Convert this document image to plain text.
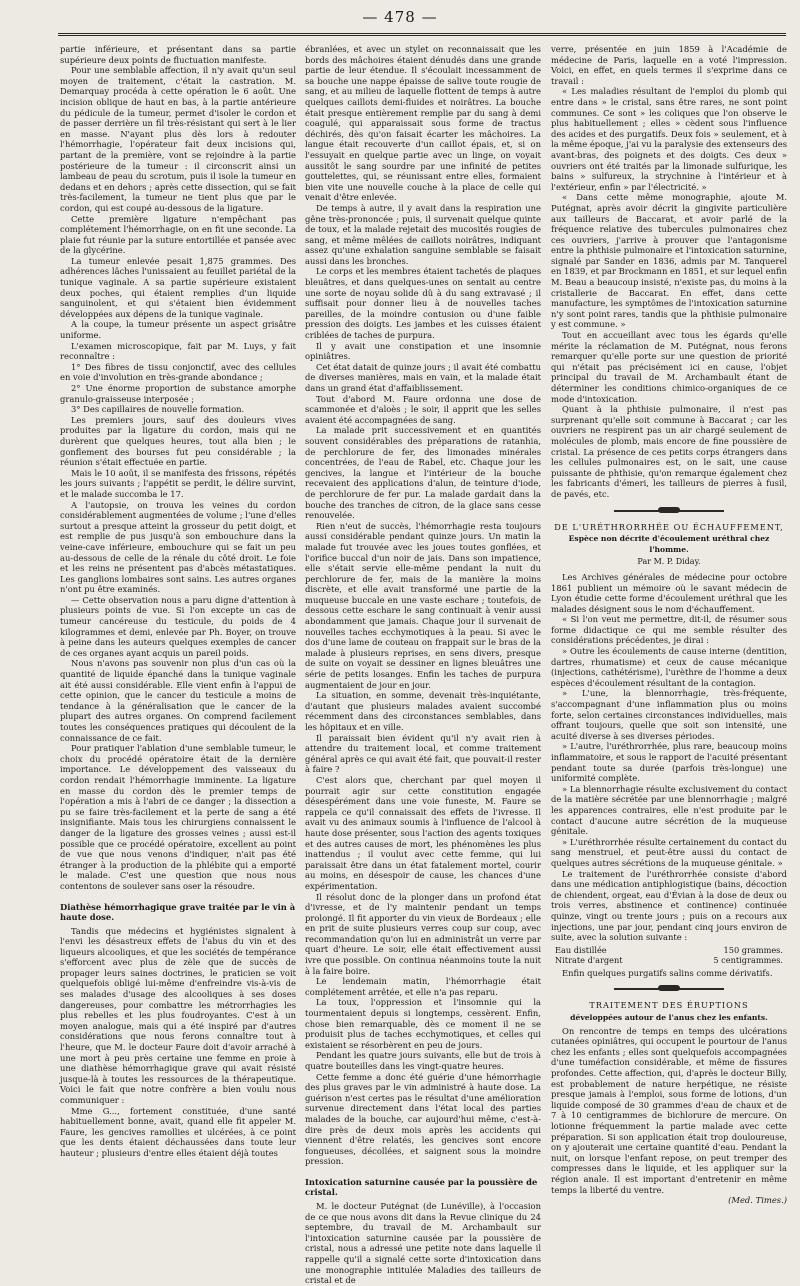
— 478 —

partie inférieure, et présentant dans sa partie supérieure deux points de fluctuation manifeste.

Pour une semblable affection, il n'y avait qu'un seul moyen de traitement, c'était la castration. M. Demarquay procéda à cette opération le 6 août. Une incision oblique de haut en bas, à la partie antérieure du pédicule de la tumeur, permet d'isoler le cordon et de passer derrière un fil très-résistant qui sert à le lier en masse. N'ayant plus dès lors à redouter l'hémorrhagie, l'opérateur fait deux incisions qui, partant de la première, vont se rejoindre à la partie postérieure de la tumeur : il circonscrit ainsi un lambeau de peau du scrotum, puis il isole la tumeur en dedans et en dehors ; après cette dissection, qui se fait très-facilement, la tumeur ne tient plus que par le cordon, qui est coupé au-dessous de la ligature.

Cette première ligature n'empêchant pas complétement l'hémorrhagie, on en fit une seconde. La plaie fut réunie par la suture entortillée et pansée avec de la glycérine.

La tumeur enlevée pesait 1,875 grammes. Des adhérences lâches l'unissaient au feuillet pariétal de la tunique vaginale. A sa partie supérieure existaient deux poches, qui étaient remplies d'un liquide sanguinolent, et qui s'étaient bien évidemment développées aux dépens de la tunique vaginale.

A la coupe, la tumeur présente un aspect grisâtre uniforme.

L'examen microscopique, fait par M. Luys, y fait reconnaître :

1° Des fibres de tissu conjonctif, avec des cellules en voie d'involution en très-grande abondance ;

2° Une énorme proportion de substance amorphe granulo-graisseuse interposée ;

3° Des capillaires de nouvelle formation.

Les premiers jours, sauf des douleurs vives produites par la ligature du cordon, mais qui ne durèrent que quelques heures, tout alla bien ; le gonflement des bourses fut peu considérable ; la réunion s'était effectuée en partie.

Mais le 10 août, il se manifesta des frissons, répétés les jours suivants ; l'appétit se perdit, le délire survint, et le malade succomba le 17.

A l'autopsie, on trouva les veines du cordon considérablement augmentées de volume ; l'une d'elles surtout a presque atteint la grosseur du petit doigt, et est remplie de pus jusqu'à son embouchure dans la veine-cave inférieure, embouchure qui se fait un peu au-dessous de celle de la rénale du côté droit. Le foie et les reins ne présentent pas d'abcès métastatiques. Les ganglions lombaires sont sains. Les autres organes n'ont pu être examinés.

— Cette observation nous a paru digne d'attention à plusieurs points de vue. Si l'on excepte un cas de tumeur cancéreuse du testicule, du poids de 4 kilogrammes et demi, enlevée par Ph. Boyer, on trouve à peine dans les auteurs quelques exemples de cancer de ces organes ayant acquis un pareil poids.

Nous n'avons pas souvenir non plus d'un cas où la quantité de liquide épanché dans la tunique vaginale ait été aussi considérable. Elle vient enfin à l'appui de cette opinion, que le cancer du testicule a moins de tendance à la généralisation que le cancer de la plupart des autres organes. On comprend facilement toutes les conséquences pratiques qui découlent de la connaissance de ce fait.

Pour pratiquer l'ablation d'une semblable tumeur, le choix du procédé opératoire était de la dernière importance. Le développement des vaisseaux du cordon rendait l'hémorrhagie imminente. La ligature en masse du cordon dès le premier temps de l'opération a mis à l'abri de ce danger ; la dissection a pu se faire très-facilement et la perte de sang a été insignifiante. Mais tous les chirurgiens connaissent le danger de la ligature des grosses veines ; aussi est-il possible que ce procédé opératoire, excellent au point de vue que nous venons d'indiquer, n'ait pas été étranger à la production de la phlébite qui a emporté le malade. C'est une question que nous nous contentons de soulever sans oser la résoudre.

Diathèse hémorrhagique grave traitée par le vin à haute dose.

Tandis que médecins et hygiénistes signalent à l'envi les désastreux effets de l'abus du vin et des liqueurs alcooliques, et que les sociétés de tempérance s'efforcent avec plus de zèle que de succès de propager leurs saines doctrines, le praticien se voit quelquefois obligé lui-même d'enfreindre vis-à-vis de ses malades d'usage des alcooliques à ses doses dangereuses, pour combattre les métrorrhagies les plus rebelles et les plus foudroyantes. C'est à un moyen analogue, mais qui a été inspiré par d'autres considérations que nous ferons connaître tout à l'heure, que M. le docteur Faure doit d'avoir arraché à une mort à peu près certaine une femme en proie à une diathèse hémorrhagique grave qui avait résisté jusque-là à toutes les ressources de la thérapeutique. Voici le fait que notre confrère a bien voulu nous communiquer :

Mme G..., fortement constituée, d'une santé habituellement bonne, avait, quand elle fit appeler M. Faure, les gencives ramollies et ulcérées, à ce point que les dents étaient déchaussées dans toute leur hauteur ; plusieurs d'entre elles étaient déjà toutes

ébranlées, et avec un stylet on reconnaissait que les bords des mâchoires étaient dénudés dans une grande partie de leur étendue. Il s'écoulait incessamment de sa bouche une nappe épaisse de salive toute rougie de sang, et au milieu de laquelle flottent de temps à autre quelques caillots demi-fluides et noirâtres. La bouche était presque entièrement remplie par du sang à demi coagulé, qui apparaissait sous forme de tractus déchirés, dès qu'on faisait écarter les mâchoires. La langue était recouverte d'un caillot épais, et, si on l'essuyait en quelque partie avec un linge, on voyait aussitôt le sang sourdre par une infinité de petites gouttelettes, qui, se réunissant entre elles, formaient bien vite une nouvelle couche à la place de celle qui venait d'être enlevée.

De temps à autre, il y avait dans la respiration une gêne très-prononcée ; puis, il survenait quelque quinte de toux, et la malade rejetait des mucosités rougies de sang, et même mêlées de caillots noirâtres, indiquant assez qu'une exhalation sanguine semblable se faisait aussi dans les bronches.

Le corps et les membres étaient tachetés de plaques bleuâtres, et dans quelques-unes on sentait au centre une sorte de noyau solide dû à du sang extravasé ; il suffisait pour donner lieu à de nouvelles taches pareilles, de la moindre contusion ou d'une faible pression des doigts. Les jambes et les cuisses étaient criblées de taches de purpura.

Il y avait une constipation et une insomnie opiniâtres.

Cet état datait de quinze jours ; il avait été combattu de diverses manières, mais en vain, et la malade était dans un grand état d'affaiblissement.

Tout d'abord M. Faure ordonna une dose de scammonée et d'aloès ; le soir, il apprit que les selles avaient été accompagnées de sang.

La malade prit successivement et en quantités souvent considérables des préparations de ratanhia, de perchlorure de fer, des limonades minérales concentrées, de l'eau de Rabel, etc. Chaque jour les gencives, la langue et l'intérieur de la bouche recevaient des applications d'alun, de teinture d'iode, de perchlorure de fer pur. La malade gardait dans la bouche des tranches de citron, de la glace sans cesse renouvelée.

Rien n'eut de succès, l'hémorrhagie resta toujours aussi considérable pendant quinze jours. Un matin la malade fut trouvée avec les joues toutes gonflées, et l'orifice buccal d'un noir de jais. Dans son impatience, elle s'était servie elle-même pendant la nuit du perchlorure de fer, mais de la manière la moins discrète, et elle avait transformé une partie de la muqueuse buccale en une vaste eschare ; toutefois, de dessous cette eschare le sang continuait à venir aussi abondamment que jamais. Chaque jour il survenait de nouvelles taches ecchymotiques à la peau. Si avec le dos d'une lame de couteau on frappait sur le bras de la malade à plusieurs reprises, en sens divers, presque de suite on voyait se dessiner en lignes bleuâtres une série de petits losanges. Enfin les taches de purpura augmentaient de jour en jour.

La situation, en somme, devenait très-inquiétante, d'autant que plusieurs malades avaient succombé récemment dans des circonstances semblables, dans les hôpitaux et en ville.

Il paraissait bien évident qu'il n'y avait rien à attendre du traitement local, et comme traitement général après ce qui avait été fait, que pouvait-il rester à faire ?

C'est alors que, cherchant par quel moyen il pourrait agir sur cette constitution engagée désespérément dans une voie funeste, M. Faure se rappela ce qu'il connaissait des effets de l'ivresse. Il avait vu des animaux soumis à l'influence de l'alcool à haute dose présenter, sous l'action des agents toxiques et des autres causes de mort, les phénomènes les plus inattendus ; il voulut avec cette femme, qui lui paraissait être dans un état fatalement mortel, courir au moins, en désespoir de cause, les chances d'une expérimentation.

Il résolut donc de la plonger dans un profond état d'ivresse, et de l'y maintenir pendant un temps prolongé. Il fit apporter du vin vieux de Bordeaux ; elle en prit de suite plusieurs verres coup sur coup, avec recommandation qu'on lui en administrât un verre par quart d'heure. Le soir, elle était effectivement aussi ivre que possible. On continua néanmoins toute la nuit à la faire boire.

Le lendemain matin, l'hémorrhagie était complétement arrêtée, et elle n'a pas reparu.

La toux, l'oppression et l'insomnie qui la tourmentaient depuis si longtemps, cessèrent. Enfin, chose bien remarquable, dès ce moment il ne se produisit plus de taches ecchymotiques, et celles qui existaient se résorbèrent en peu de jours.

Pendant les quatre jours suivants, elle but de trois à quatre bouteilles dans les vingt-quatre heures.

Cette femme a donc été guérie d'une hémorrhagie des plus graves par le vin administré à haute dose. La guérison n'est certes pas le résultat d'une amélioration survenue directement dans l'état local des parties malades de la bouche, car aujourd'hui même, c'est-à-dire près de deux mois après les accidents qui viennent d'être relatés, les gencives sont encore fongueuses, décollées, et saignent sous la moindre pression.

Intoxication saturnine causée par la poussière de cristal.

M. le docteur Putégnat (de Lunéville), à l'occasion de ce que nous avons dit dans la Revue clinique du 24 septembre, du travail de M. Archambault sur l'intoxication saturnine causée par la poussière de cristal, nous a adressé une petite note dans laquelle il rappelle qu'il a signalé cette sorte d'intoxication dans une monographie intitulée Maladies des tailleurs de cristal et de

verre, présentée en juin 1859 à l'Académie de médecine de Paris, laquelle en a voté l'impression. Voici, en effet, en quels termes il s'exprime dans ce travail :

« Les maladies résultant de l'emploi du plomb qui entre dans » le cristal, sans être rares, ne sont point communes. Ce sont » les coliques que l'on observe le plus habituellement ; elles » cèdent sous l'influence des acides et des purgatifs. Deux fois » seulement, et à la même époque, j'ai vu la paralysie des extenseurs des avant-bras, des poignets et des doigts. Ces deux » ouvriers ont été traités par la limonade sulfurique, les bains » sulfureux, la strychnine à l'intérieur et à l'extérieur, enfin » par l'électricité. »

« Dans cette même monographie, ajoute M. Putégnat, après avoir décrit la gingivite particulière aux tailleurs de Baccarat, et avoir parlé de la fréquence relative des tubercules pulmonaires chez ces ouvriers, j'arrive à prouver que l'antagonisme entre la phthisie pulmonaire et l'intoxication saturnine, signalé par Sander en 1836, admis par M. Tanquerel en 1839, et par Brockmann en 1851, et sur lequel enfin M. Beau a beaucoup insisté, n'existe pas, du moins à la cristallerie de Baccarat. En effet, dans cette manufacture, les symptômes de l'intoxication saturnine n'y sont point rares, tandis que la phthisie pulmonaire y est commune. »

Tout en accueillant avec tous les égards qu'elle mérite la réclamation de M. Putégnat, nous ferons remarquer qu'elle porte sur une question de priorité qui n'était pas précisément ici en cause, l'objet principal du travail de M. Archambault étant de déterminer les conditions chimico-organiques de ce mode d'intoxication.

Quant à la phthisie pulmonaire, il n'est pas surprenant qu'elle soit commune à Baccarat ; car les ouvriers ne respirent pas un air chargé seulement de molécules de plomb, mais encore de fine poussière de cristal. La présence de ces petits corps étrangers dans les cellules pulmonaires est, on le sait, une cause puissante de phthisie, qu'on remarque également chez les fabricants d'émeri, les tailleurs de pierres à fusil, de pavés, etc.

DE L'URÉTHRORRHÉE OU ÉCHAUFFEMENT,

Espèce non décrite d'écoulement uréthral chez l'homme.

Par M. P. Diday.

Les Archives générales de médecine pour octobre 1861 publient un mémoire où le savant médecin de Lyon étudie cette forme d'écoulement uréthral que les malades désignent sous le nom d'échauffement.

« Si l'on veut me permettre, dit-il, de résumer sous forme didactique ce qui me semble résulter des considérations précédentes, je dirai :

» Outre les écoulements de cause interne (dentition, dartres, rhumatisme) et ceux de cause mécanique (injections, cathétérisme), l'urèthre de l'homme a deux espèces d'écoulement résultant de la contagion.

» L'une, la blennorrhagie, très-fréquente, s'accompagnant d'une inflammation plus ou moins forte, selon certaines circonstances individuelles, mais offrant toujours, quelle que soit son intensité, une acuité diverse à ses diverses périodes.

» L'autre, l'uréthrorrhée, plus rare, beaucoup moins inflammatoire, et sous le rapport de l'acuité présentant pendant toute sa durée (parfois très-longue) une uniformité complète.

» La blennorrhagie résulte exclusivement du contact de la matière sécrétée par une blennorrhagie ; malgré les apparences contraires, elle n'est produite par le contact d'aucune autre sécrétion de la muqueuse génitale.

» L'uréthrorrhée résulte certainement du contact du sang menstruel, et peut-être aussi du contact de quelques autres sécrétions de la muqueuse génitale. »

Le traitement de l'uréthrorrhée consiste d'abord dans une médication antiphlogistique (bains, décoction de chiendent, orgeat, eau d'Évian à la dose de deux ou trois verres, abstinence et continence) continuée quinze, vingt ou trente jours ; puis on a recours aux injections, une par jour, pendant cinq jours environ de suite, avec la solution suivante :

Eau distillée	150 grammes.
Nitrate d'argent	5 centigrammes.

Enfin quelques purgatifs salins comme dérivatifs.

TRAITEMENT DES ÉRUPTIONS

développées autour de l'anus chez les enfants.

On rencontre de temps en temps des ulcérations cutanées opiniâtres, qui occupent le pourtour de l'anus chez les enfants ; elles sont quelquefois accompagnées d'une tuméfaction considérable, et même de fissures profondes. Cette affection, qui, d'après le docteur Billy, est probablement de nature herpétique, ne résiste presque jamais à l'emploi, sous forme de lotions, d'un liquide composé de 30 grammes d'eau de chaux et de 7 à 10 centigrammes de bichlorure de mercure. On lotionne fréquemment la partie malade avec cette préparation. Si son application était trop douloureuse, on y ajouterait une certaine quantité d'eau. Pendant la nuit, on lorsque l'enfant repose, on peut tremper des compresses dans le liquide, et les appliquer sur la région anale. Il est important d'entretenir en même temps la liberté du ventre.

(Med. Times.)
